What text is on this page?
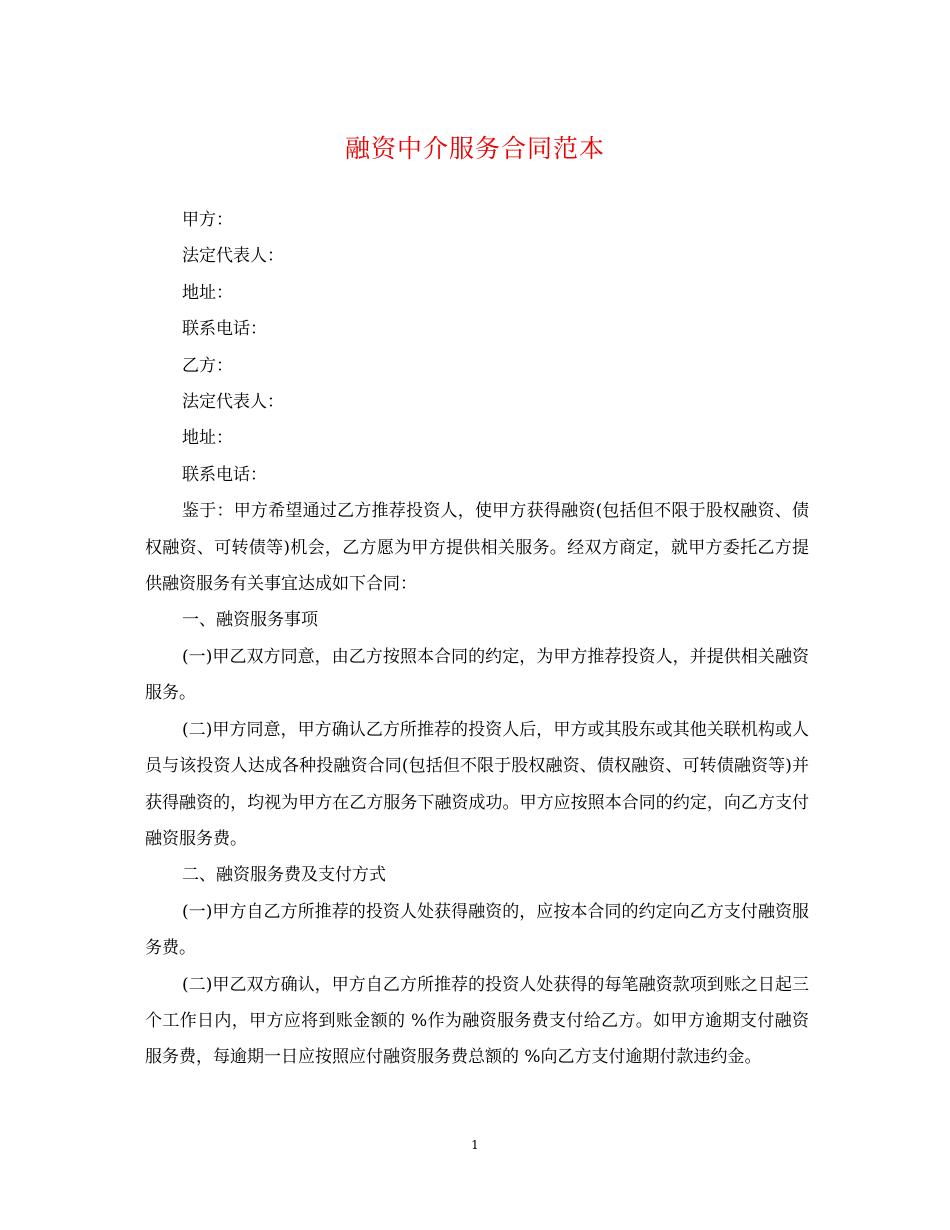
融资中介服务合同范本

甲方：

法定代表人：

地址：

联系电话：

乙方：

法定代表人：

地址：

联系电话：

鉴于：甲方希望通过乙方推荐投资人，使甲方获得融资(包括但不限于股权融资、债权融资、可转债等)机会，乙方愿为甲方提供相关服务。经双方商定，就甲方委托乙方提供融资服务有关事宜达成如下合同：

一、融资服务事项

(一)甲乙双方同意，由乙方按照本合同的约定，为甲方推荐投资人，并提供相关融资服务。

(二)甲方同意，甲方确认乙方所推荐的投资人后，甲方或其股东或其他关联机构或人员与该投资人达成各种投融资合同(包括但不限于股权融资、债权融资、可转债融资等)并获得融资的，均视为甲方在乙方服务下融资成功。甲方应按照本合同的约定，向乙方支付融资服务费。

二、融资服务费及支付方式

(一)甲方自乙方所推荐的投资人处获得融资的，应按本合同的约定向乙方支付融资服务费。

(二)甲乙双方确认，甲方自乙方所推荐的投资人处获得的每笔融资款项到账之日起三个工作日内，甲方应将到账金额的 %作为融资服务费支付给乙方。如甲方逾期支付融资服务费，每逾期一日应按照应付融资服务费总额的 %向乙方支付逾期付款违约金。

1
